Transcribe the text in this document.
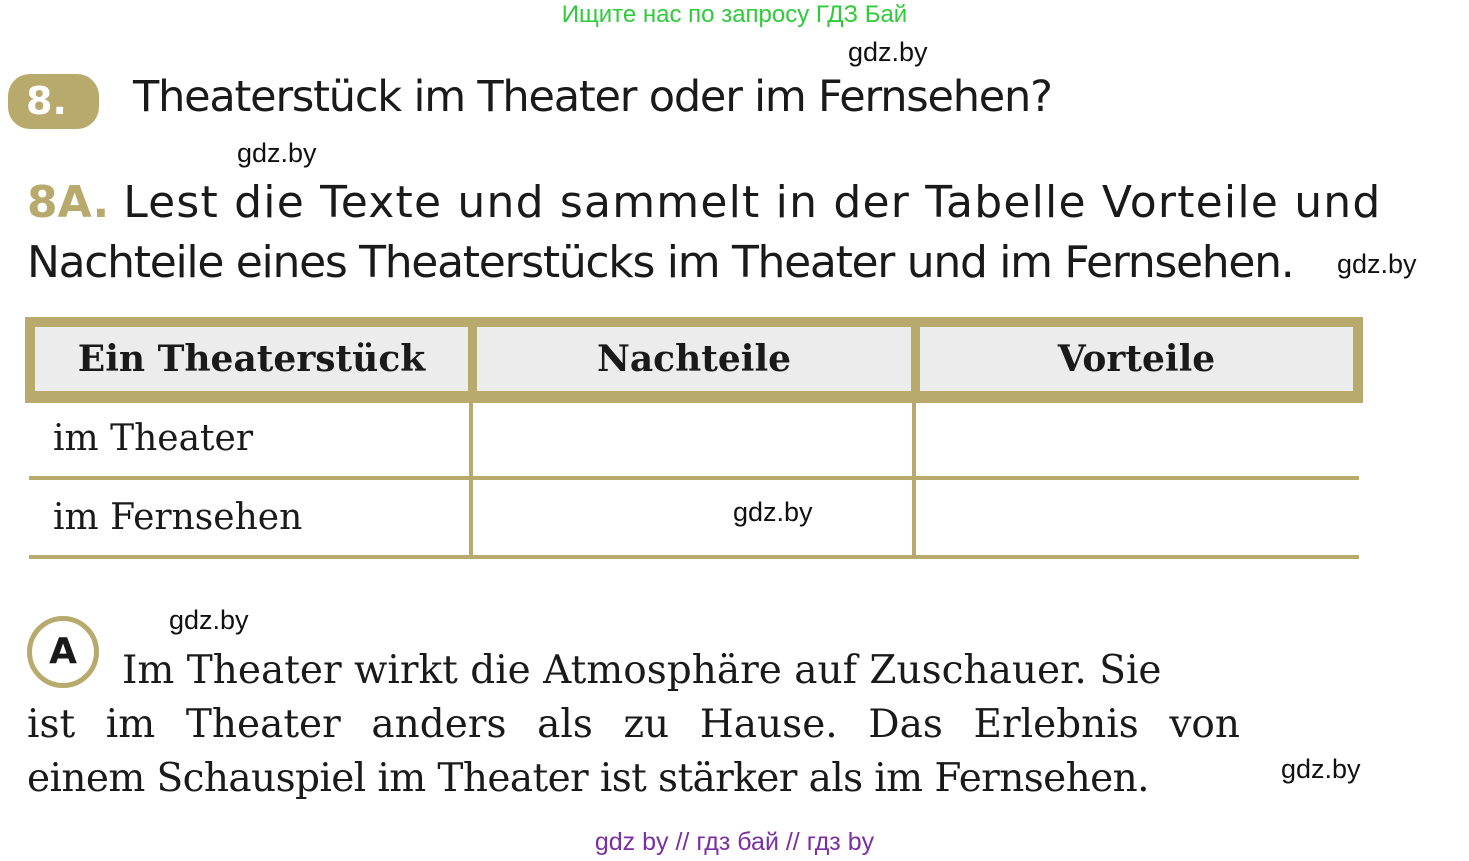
Ищите нас по запросу ГДЗ Бай
gdz.by
gdz.by
gdz.by
gdz.by
gdz.by
gdz.by
8.	Theaterstück im Theater oder im Fernsehen?
8A. Lest die Texte und sammelt in der Tabelle Vorteile und
Nachteile eines Theaterstücks im Theater und im Fernsehen.
Ein Theaterstück	Nachteile	Vorteile
im Theater
im Fernsehen
A	Im Theater wirkt die Atmosphäre auf Zuschauer. Sie
ist im Theater anders als zu Hause. Das Erlebnis von
einem Schauspiel im Theater ist stärker als im Fernsehen.
gdz by // гдз бай // гдз by
